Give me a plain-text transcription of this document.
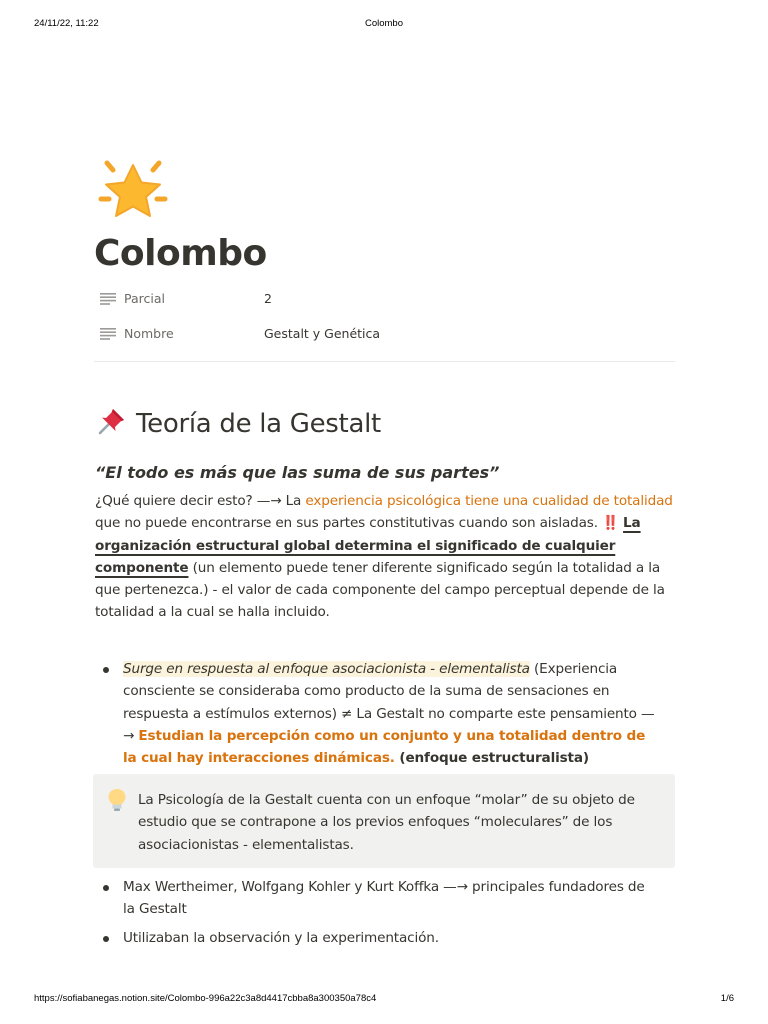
24/11/22, 11:22	Colombo
Colombo
Parcial	2
Nombre	Gestalt y Genética
Teoría de la Gestalt

“El todo es más que las suma de sus partes”

¿Qué quiere decir esto? —→ La experiencia psicológica tiene una cualidad de totalidad que no puede encontrarse en sus partes constitutivas cuando son aisladas. ‼️ La organización estructural global determina el significado de cualquier componente (un elemento puede tener diferente significado según la totalidad a la que pertenezca.) - el valor de cada componente del campo perceptual depende de la totalidad a la cual se halla incluido.

Surge en respuesta al enfoque asociacionista - elementalista (Experiencia consciente se consideraba como producto de la suma de sensaciones en respuesta a estímulos externos) ≠ La Gestalt no comparte este pensamiento —→ Estudian la percepción como un conjunto y una totalidad dentro de la cual hay interacciones dinámicas. (enfoque estructuralista)

La Psicología de la Gestalt cuenta con un enfoque “molar” de su objeto de estudio que se contrapone a los previos enfoques “moleculares” de los asociacionistas - elementalistas.

Max Wertheimer, Wolfgang Kohler y Kurt Koffka —→ principales fundadores de la Gestalt
Utilizaban la observación y la experimentación.
https://sofiabanegas.notion.site/Colombo-996a22c3a8d4417cbba8a300350a78c4	1/6
